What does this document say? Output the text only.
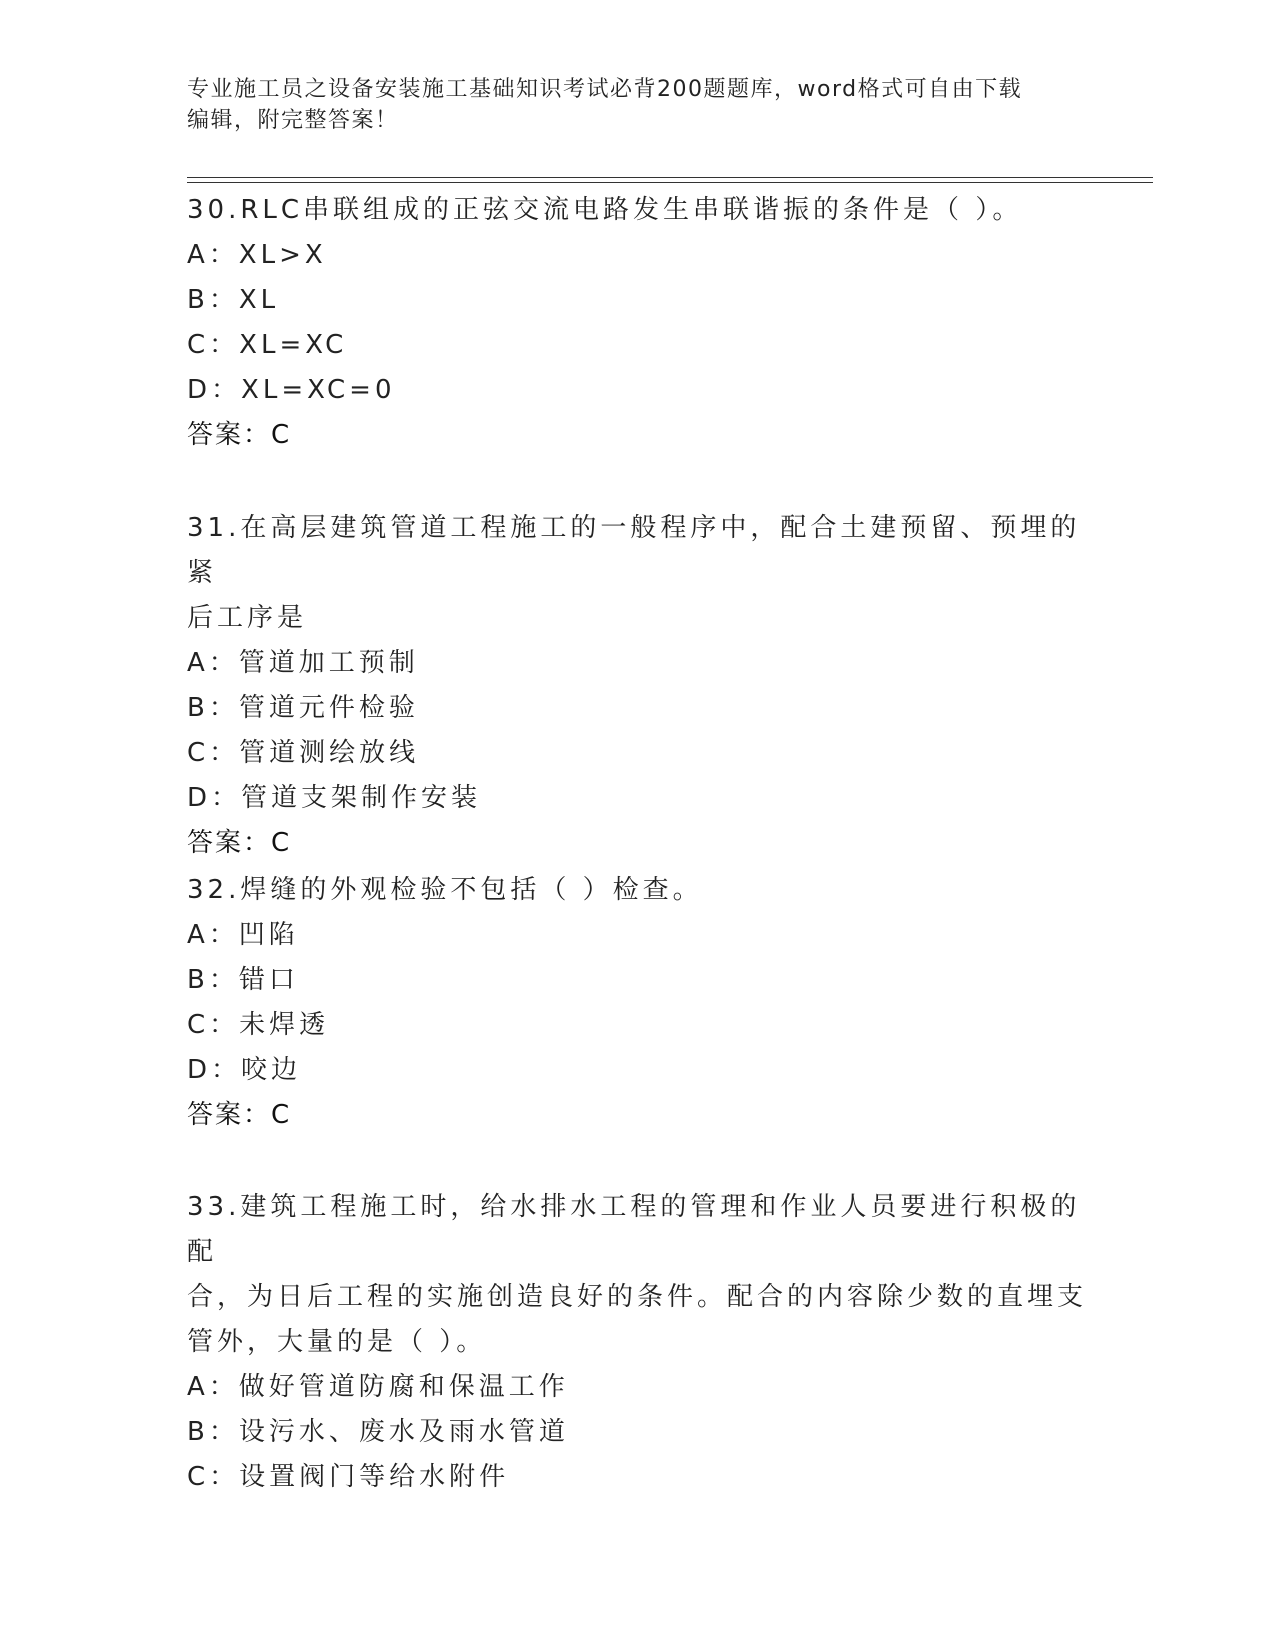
专业施工员之设备安装施工基础知识考试必背200题题库，word格式可自由下载
编辑，附完整答案！

30.RLC串联组成的正弦交流电路发生串联谐振的条件是（ ）。

A：XL>X

B：XL

C：XL=XC

D：XL=XC=0

答案：C

31.在高层建筑管道工程施工的一般程序中，配合土建预留、预埋的紧

后工序是

A：管道加工预制

B：管道元件检验

C：管道测绘放线

D：管道支架制作安装

答案：C

32.焊缝的外观检验不包括（ ）检查。

A：凹陷

B：错口

C：未焊透

D：咬边

答案：C

33.建筑工程施工时，给水排水工程的管理和作业人员要进行积极的配

合，为日后工程的实施创造良好的条件。配合的内容除少数的直埋支

管外，大量的是（ ）。

A：做好管道防腐和保温工作

B：设污水、废水及雨水管道

C：设置阀门等给水附件
